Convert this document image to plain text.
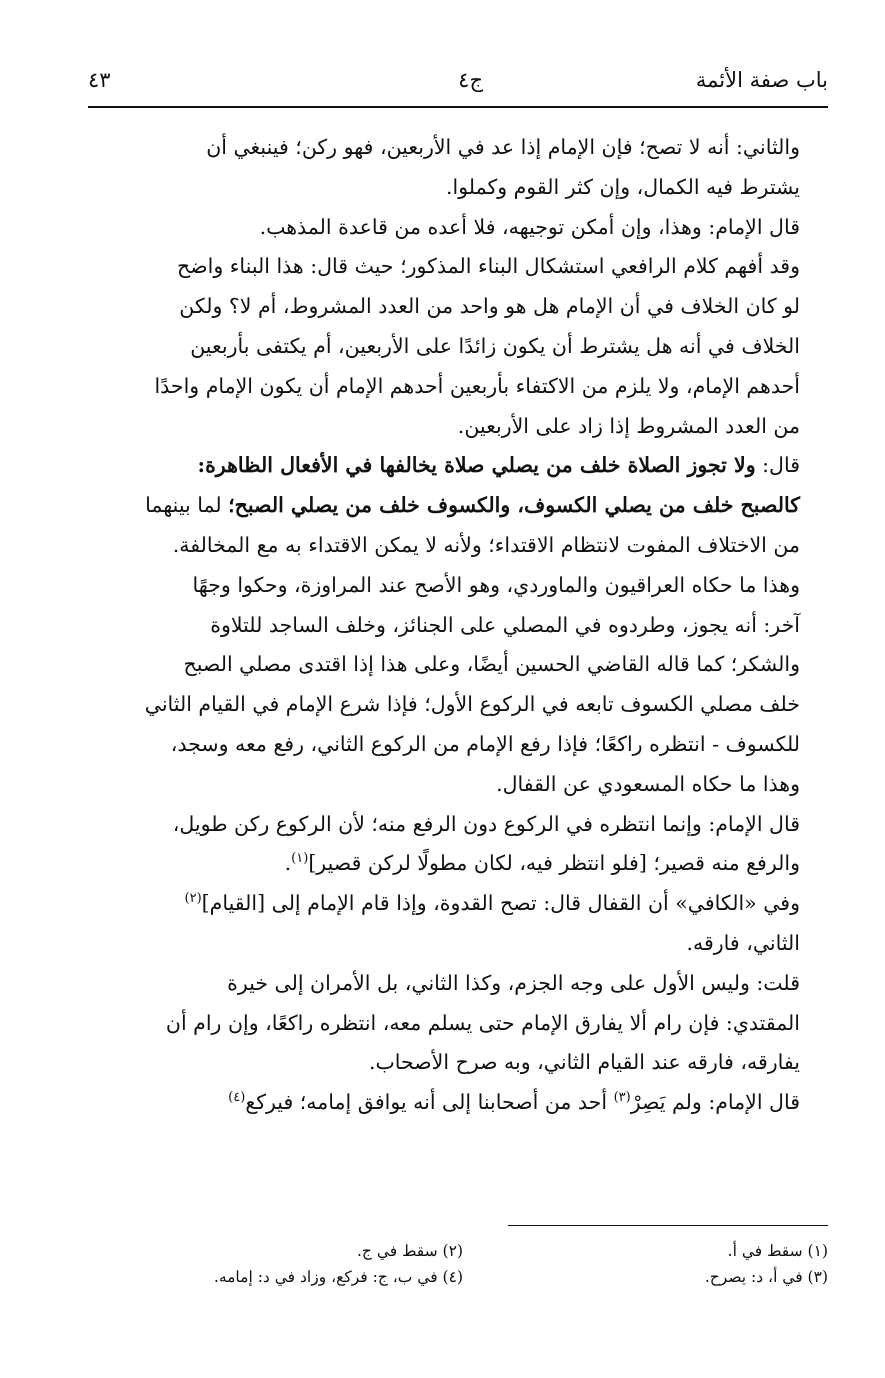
باب صفة الأئمة
ج٤
٤٣

والثاني: أنه لا تصح؛ فإن الإمام إذا عد في الأربعين، فهو ركن؛ فينبغي أن
يشترط فيه الكمال، وإن كثر القوم وكملوا.

قال الإمام: وهذا، وإن أمكن توجيهه، فلا أعده من قاعدة المذهب.

وقد أفهم كلام الرافعي استشكال البناء المذكور؛ حيث قال: هذا البناء واضح
لو كان الخلاف في أن الإمام هل هو واحد من العدد المشروط، أم لا؟ ولكن
الخلاف في أنه هل يشترط أن يكون زائدًا على الأربعين، أم يكتفى بأربعين
أحدهم الإمام، ولا يلزم من الاكتفاء بأربعين أحدهم الإمام أن يكون الإمام واحدًا
من العدد المشروط إذا زاد على الأربعين.

قال: ولا تجوز الصلاة خلف من يصلي صلاة يخالفها في الأفعال الظاهرة:
كالصبح خلف من يصلي الكسوف، والكسوف خلف من يصلي الصبح؛ لما بينهما
من الاختلاف المفوت لانتظام الاقتداء؛ ولأنه لا يمكن الاقتداء به مع المخالفة.

وهذا ما حكاه العراقيون والماوردي، وهو الأصح عند المراوزة، وحكوا وجهًا
آخر: أنه يجوز، وطردوه في المصلي على الجنائز، وخلف الساجد للتلاوة
والشكر؛ كما قاله القاضي الحسين أيضًا، وعلى هذا إذا اقتدى مصلي الصبح
خلف مصلي الكسوف تابعه في الركوع الأول؛ فإذا شرع الإمام في القيام الثاني
للكسوف - انتظره راكعًا؛ فإذا رفع الإمام من الركوع الثاني، رفع معه وسجد،
وهذا ما حكاه المسعودي عن القفال.

قال الإمام: وإنما انتظره في الركوع دون الرفع منه؛ لأن الركوع ركن طويل،
والرفع منه قصير؛ [فلو انتظر فيه، لكان مطولًا لركن قصير]$^{(١)}$.

وفي «الكافي» أن القفال قال: تصح القدوة، وإذا قام الإمام إلى [القيام]$^{(٢)}$
الثاني، فارقه.

قلت: وليس الأول على وجه الجزم، وكذا الثاني، بل الأمران إلى خيرة
المقتدي: فإن رام ألا يفارق الإمام حتى يسلم معه، انتظره راكعًا، وإن رام أن
يفارقه، فارقه عند القيام الثاني، وبه صرح الأصحاب.

قال الإمام: ولم يَصِرْ$^{(٣)}$ أحد من أصحابنا إلى أنه يوافق إمامه؛ فيركع$^{(٤)}$

(١) سقط في أ.
(٣) في أ، د: يصرح.
(٢) سقط في ج.
(٤) في ب، ج: فركع، وزاد في د: إمامه.
